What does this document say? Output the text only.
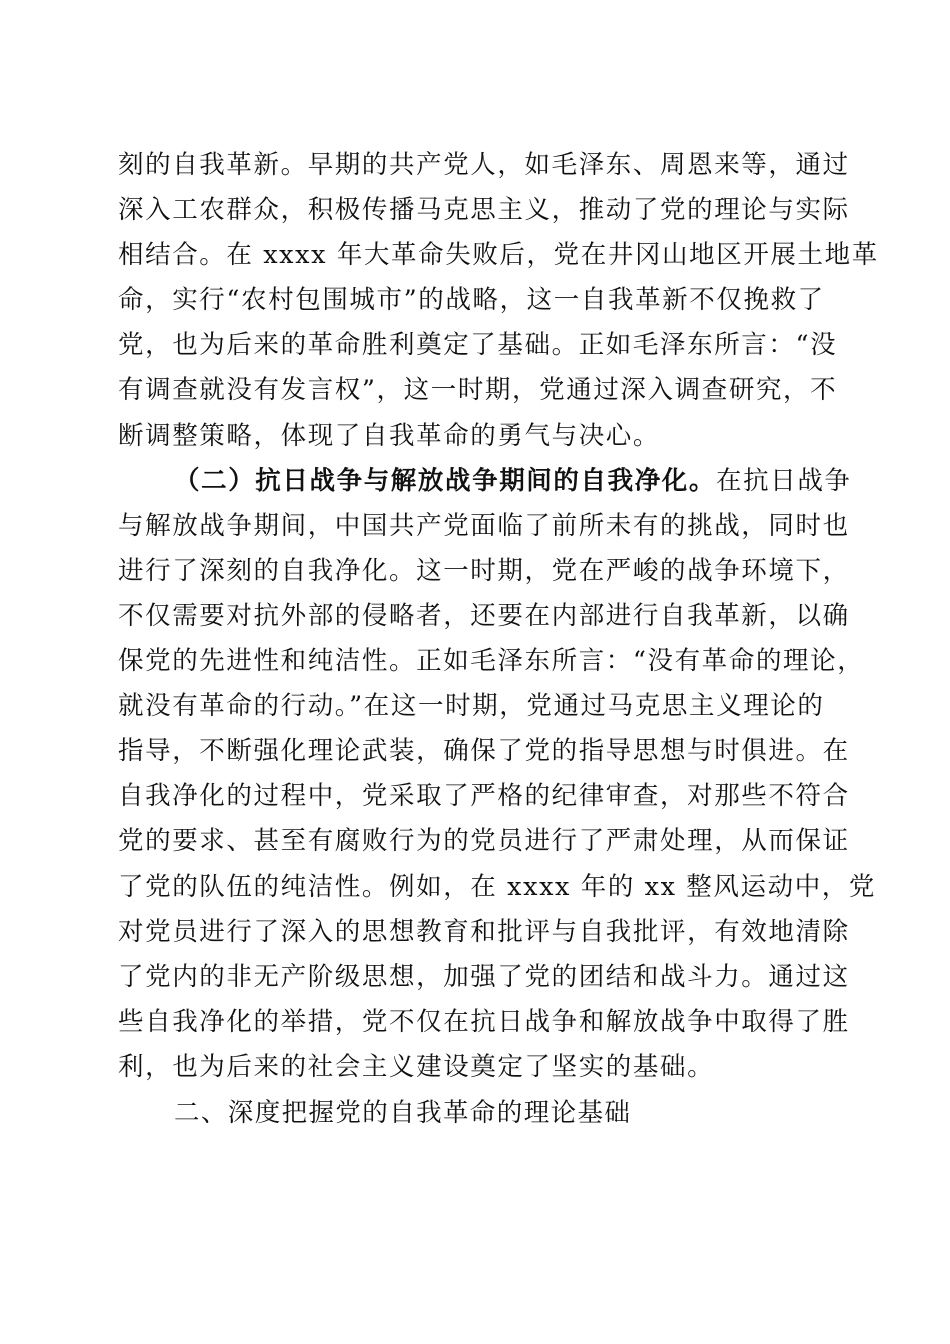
刻的自我革新。早期的共产党人，如毛泽东、周恩来等，通过
深入工农群众，积极传播马克思主义，推动了党的理论与实际
相结合。在 xxxx 年大革命失败后，党在井冈山地区开展土地革
命，实行“农村包围城市”的战略，这一自我革新不仅挽救了
党，也为后来的革命胜利奠定了基础。正如毛泽东所言：“没
有调查就没有发言权”，这一时期，党通过深入调查研究，不
断调整策略，体现了自我革命的勇气与决心。
（二）抗日战争与解放战争期间的自我净化。在抗日战争
与解放战争期间，中国共产党面临了前所未有的挑战，同时也
进行了深刻的自我净化。这一时期，党在严峻的战争环境下，
不仅需要对抗外部的侵略者，还要在内部进行自我革新，以确
保党的先进性和纯洁性。正如毛泽东所言：“没有革命的理论，
就没有革命的行动。”在这一时期，党通过马克思主义理论的
指导，不断强化理论武装，确保了党的指导思想与时俱进。在
自我净化的过程中，党采取了严格的纪律审查，对那些不符合
党的要求、甚至有腐败行为的党员进行了严肃处理，从而保证
了党的队伍的纯洁性。例如，在 xxxx 年的 xx 整风运动中，党
对党员进行了深入的思想教育和批评与自我批评，有效地清除
了党内的非无产阶级思想，加强了党的团结和战斗力。通过这
些自我净化的举措，党不仅在抗日战争和解放战争中取得了胜
利，也为后来的社会主义建设奠定了坚实的基础。
二、深度把握党的自我革命的理论基础
